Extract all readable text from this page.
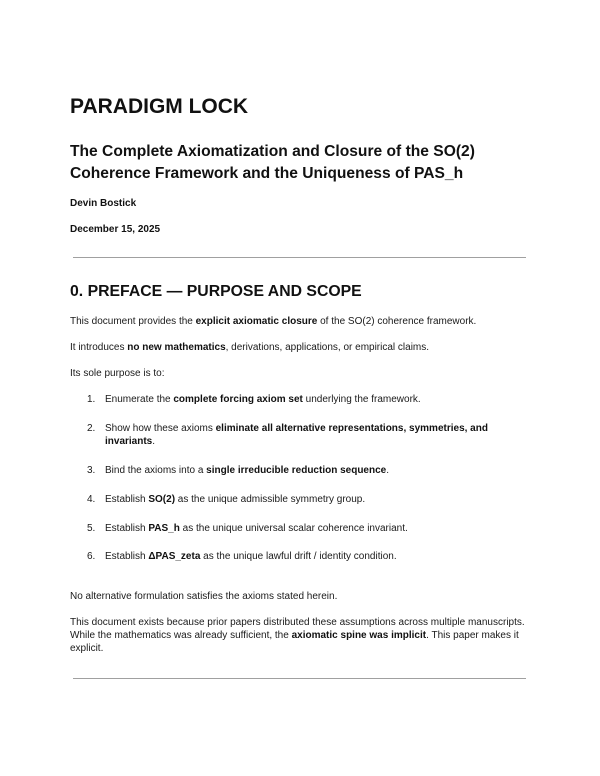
PARADIGM LOCK
The Complete Axiomatization and Closure of the SO(2) Coherence Framework and the Uniqueness of PAS_h

Devin Bostick

December 15, 2025

0. PREFACE — PURPOSE AND SCOPE

This document provides the explicit axiomatic closure of the SO(2) coherence framework.

It introduces no new mathematics, derivations, applications, or empirical claims.

Its sole purpose is to:

1. Enumerate the complete forcing axiom set underlying the framework.
2. Show how these axioms eliminate all alternative representations, symmetries, and invariants.
3. Bind the axioms into a single irreducible reduction sequence.
4. Establish SO(2) as the unique admissible symmetry group.
5. Establish PAS_h as the unique universal scalar coherence invariant.
6. Establish ΔPAS_zeta as the unique lawful drift / identity condition.

No alternative formulation satisfies the axioms stated herein.

This document exists because prior papers distributed these assumptions across multiple manuscripts. While the mathematics was already sufficient, the axiomatic spine was implicit. This paper makes it explicit.
